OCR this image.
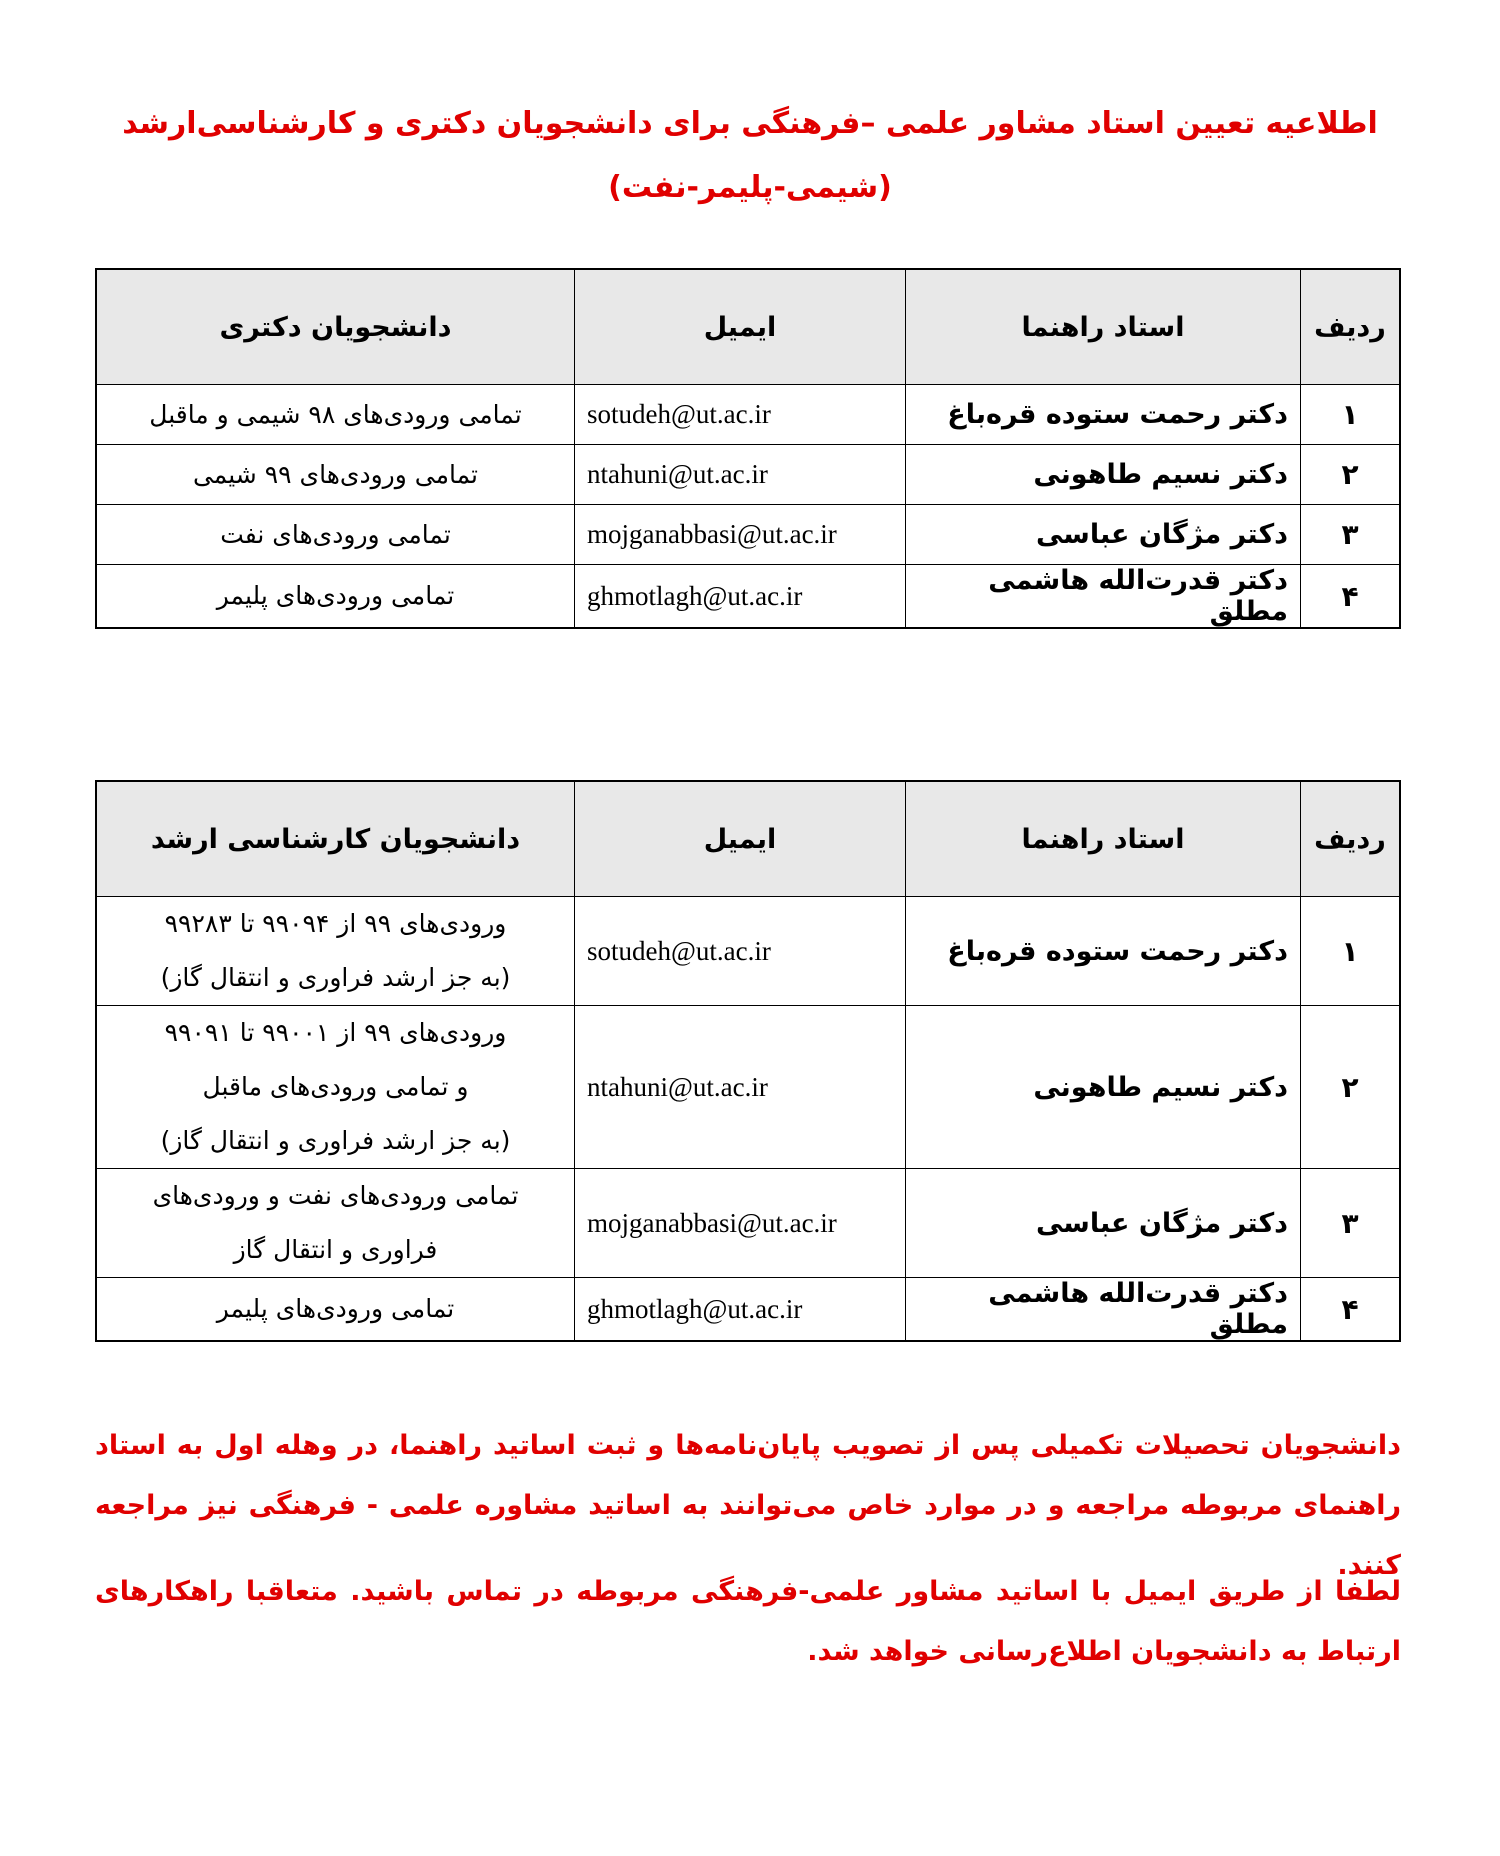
اطلاعیه تعیین استاد مشاور علمی –فرهنگی برای دانشجویان دکتری و کارشناسی‌ارشد
(شیمی-پلیمر-نفت)
ردیف	استاد راهنما	ایمیل	دانشجویان دکتری
۱	دکتر رحمت ستوده قره‌باغ	sotudeh@ut.ac.ir	تمامی ورودی‌های ۹۸ شیمی و ماقبل

۲	دکتر نسیم طاهونی	ntahuni@ut.ac.ir	تمامی ورودی‌های ۹۹ شیمی

۳	دکتر مژگان عباسی	mojganabbasi@ut.ac.ir	تمامی ورودی‌های نفت

۴	دکتر قدرت‌الله هاشمی مطلق	ghmotlagh@ut.ac.ir	تمامی ورودی‌های پلیمر
ردیف	استاد راهنما	ایمیل	دانشجویان کارشناسی ارشد
۱	دکتر رحمت ستوده قره‌باغ	sotudeh@ut.ac.ir	ورودی‌های ۹۹ از ۹۹۰۹۴ تا ۹۹۲۸۳
(به جز ارشد فراوری و انتقال گاز)

۲	دکتر نسیم طاهونی	ntahuni@ut.ac.ir	ورودی‌های ۹۹ از ۹۹۰۰۱ تا ۹۹۰۹۱
و تمامی ورودی‌های ماقبل
(به جز ارشد فراوری و انتقال گاز)

۳	دکتر مژگان عباسی	mojganabbasi@ut.ac.ir	تمامی ورودی‌های نفت و ورودی‌های
فراوری و انتقال گاز

۴	دکتر قدرت‌الله هاشمی مطلق	ghmotlagh@ut.ac.ir	تمامی ورودی‌های پلیمر
دانشجویان تحصیلات تکمیلی پس از تصویب پایان‌نامه‌ها و ثبت اساتید راهنما، در وهله اول به استاد راهنمای مربوطه مراجعه و در موارد خاص می‌توانند به اساتید مشاوره علمی - فرهنگی نیز مراجعه کنند.
لطفا از طریق ایمیل با اساتید مشاور علمی-فرهنگی مربوطه در تماس باشید. متعاقبا راهکارهای ارتباط به دانشجویان اطلاع‌رسانی خواهد شد.
